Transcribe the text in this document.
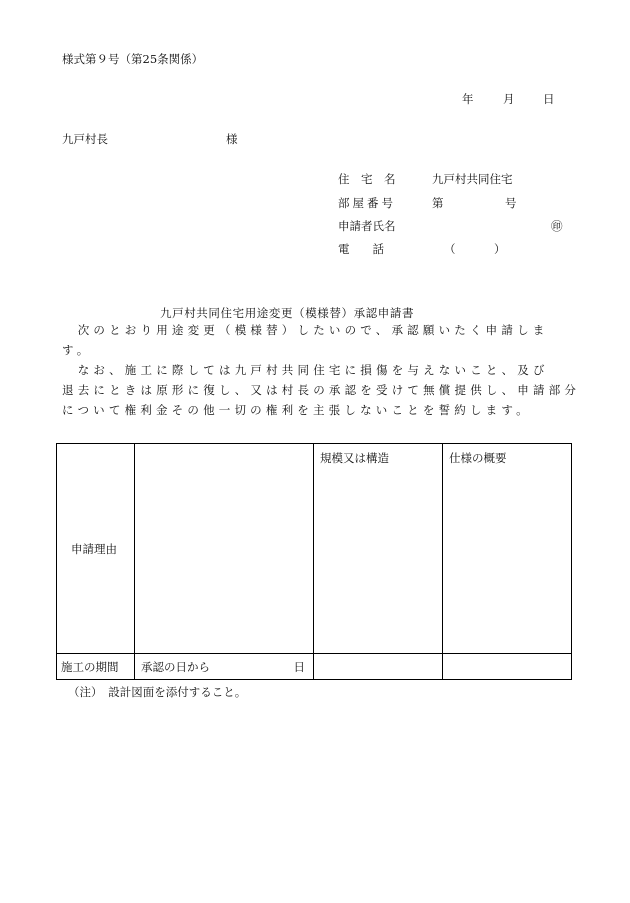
様式第９号（第25条関係）
年	月 日
九戸村長	様
住　宅　名	九戸村共同住宅
部屋番号	第	号
申請者氏名	㊞
電　　話	（	）
九戸村共同住宅用途変更（模様替）承認申請書
　次のとおり用途変更（模様替）したいので、承認願いたく申請しま
す。
　なお、施工に際しては九戸村共同住宅に損傷を与えないこと、及び
退去にときは原形に復し、又は村長の承認を受けて無償提供し、申請部分
について権利金その他一切の権利を主張しないことを誓約します。
申請理由		規模又は構造	仕様の概要

施工の期間	承認の日から 日		

（注）　設計図面を添付すること。
